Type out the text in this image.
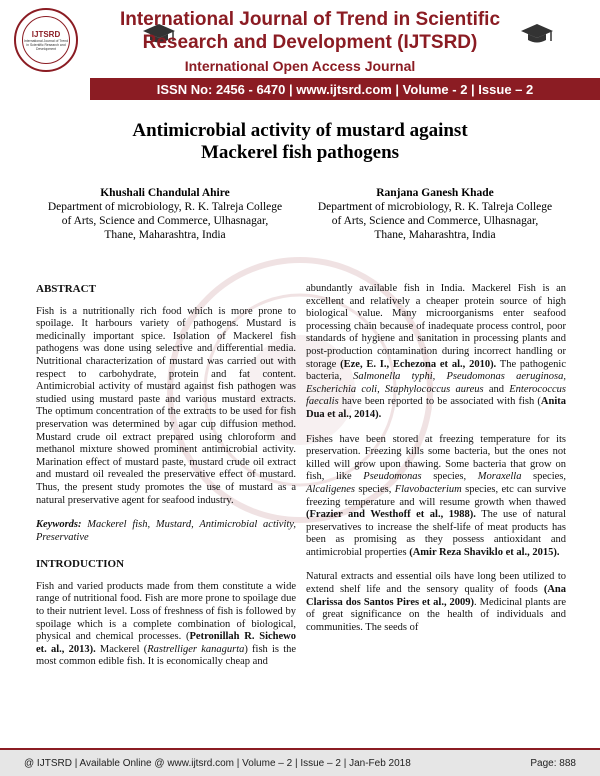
IJTSRD
International Journal of Trend in Scientific Research and Development
International Journal of Trend in Scientific
Research and Development (IJTSRD)
International Open Access Journal
ISSN No: 2456 - 6470 | www.ijtsrd.com | Volume - 2 | Issue – 2
Antimicrobial activity of mustard against
Mackerel fish pathogens
Khushali Chandulal Ahire
Department of microbiology, R. K. Talreja College
of Arts, Science and Commerce, Ulhasnagar,
Thane, Maharashtra, India
Ranjana Ganesh Khade
Department of microbiology, R. K. Talreja College
of Arts, Science and Commerce, Ulhasnagar,
Thane, Maharashtra, India
ABSTRACT

Fish is a nutritionally rich food which is more prone to spoilage. It harbours variety of pathogens. Mustard is medicinally important spice. Isolation of Mackerel fish pathogens was done using selective and differential media. Nutritional characterization of mustard was carried out with respect to carbohydrate, protein and fat content. Antimicrobial activity of mustard against fish pathogen was studied using mustard paste and various mustard extracts. The optimum concentration of the extracts to be used for fish preservation was determined by agar cup diffusion method. Mustard crude oil extract prepared using chloroform and methanol mixture showed prominent antimicrobial activity. Marination effect of mustard paste, mustard crude oil extract and mustard oil revealed the preservative effect of mustard. Thus, the present study promotes the use of mustard as a natural preservative agent for seafood industry.

Keywords: Mackerel fish, Mustard, Antimicrobial activity, Preservative

INTRODUCTION

Fish and varied products made from them constitute a wide range of nutritional food. Fish are more prone to spoilage due to their nutrient level. Loss of freshness of fish is followed by spoilage which is a complete combination of biological, physical and chemical processes. (Petronillah R. Sichewo et. al., 2013). Mackerel (Rastrelliger kanagurta) fish is the most common edible fish. It is economically cheap and

abundantly available fish in India. Mackerel Fish is an excellent and relatively a cheaper protein source of high biological value. Many microorganisms enter seafood processing chain because of inadequate process control, poor standards of hygiene and sanitation in processing plants and post-production contamination during incorrect handling or storage (Eze, E. I., Echezona et al., 2010). The pathogenic bacteria, Salmonella typhi, Pseudomonas aeruginosa, Escherichia coli, Staphylococcus aureus and Enterococcus faecalis have been reported to be associated with fish (Anita Dua et al., 2014).

Fishes have been stored at freezing temperature for its preservation. Freezing kills some bacteria, but the ones not killed will grow upon thawing. Some bacteria that grow on fish, like Pseudomonas species, Moraxella species, Alcaligenes species, Flavobacterium species, etc can survive freezing temperature and will resume growth when thawed (Frazier and Westhoff et al., 1988). The use of natural preservatives to increase the shelf-life of meat products has been as promising as they possess antioxidant and antimicrobial properties (Amir Reza Shaviklo et al., 2015).

Natural extracts and essential oils have long been utilized to extend shelf life and the sensory quality of foods (Ana Clarissa dos Santos Pires et al., 2009). Medicinal plants are of great significance on the health of individuals and communities. The seeds of

@ IJTSRD | Available Online @ www.ijtsrd.com | Volume – 2 | Issue – 2 | Jan-Feb 2018	Page: 888
